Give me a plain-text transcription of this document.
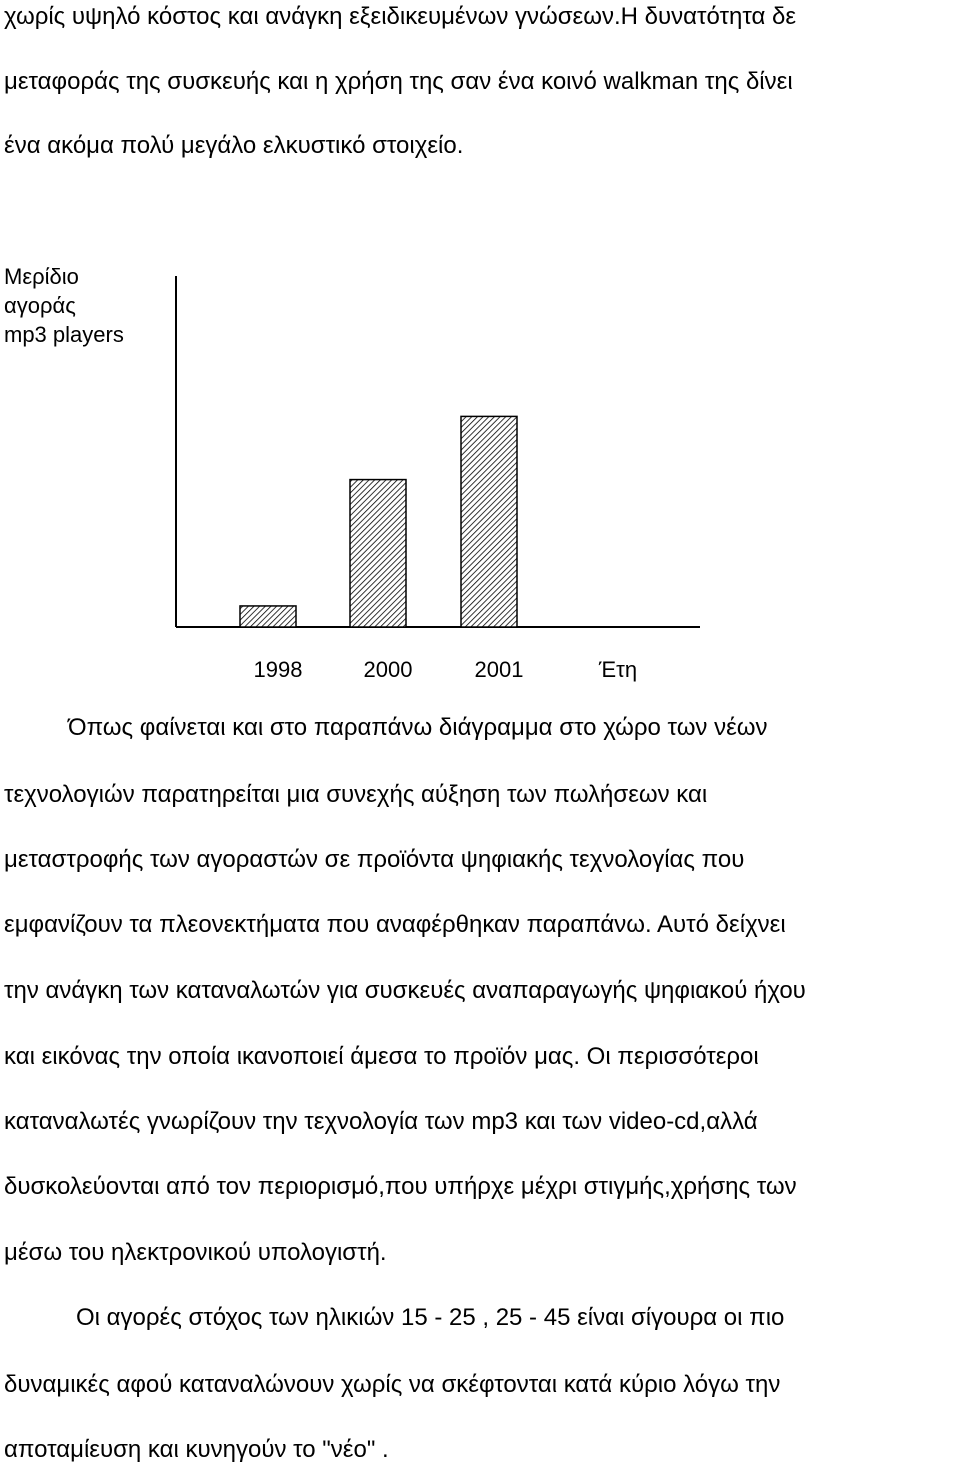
χωρίς υψηλό κόστος και ανάγκη εξειδικευμένων γνώσεων.Η δυνατότητα δε
μεταφοράς της συσκευής και η χρήση της σαν ένα κοινό walkman της δίνει
ένα ακόμα πολύ μεγάλο ελκυστικό στοιχείο.
Μερίδιο
αγοράς
mp3 players
1998	2000	2001	Έτη
Όπως φαίνεται και στο παραπάνω διάγραμμα στο χώρο των νέων
τεχνολογιών παρατηρείται μια συνεχής αύξηση των πωλήσεων και
μεταστροφής των αγοραστών σε προϊόντα ψηφιακής τεχνολογίας που
εμφανίζουν τα πλεονεκτήματα που αναφέρθηκαν παραπάνω. Αυτό δείχνει
την ανάγκη των καταναλωτών για συσκευές αναπαραγωγής ψηφιακού ήχου
και εικόνας την οποία ικανοποιεί άμεσα το προϊόν μας. Οι περισσότεροι
καταναλωτές γνωρίζουν την τεχνολογία των mp3 και των video-cd,αλλά
δυσκολεύονται από τον περιορισμό,που υπήρχε μέχρι στιγμής,χρήσης των
μέσω του ηλεκτρονικού υπολογιστή.
Οι αγορές στόχος των ηλικιών 15 - 25 , 25 - 45 είναι σίγουρα οι πιο
δυναμικές αφού καταναλώνουν χωρίς να σκέφτονται κατά κύριο λόγω την
αποταμίευση και κυνηγούν το "νέο" .
